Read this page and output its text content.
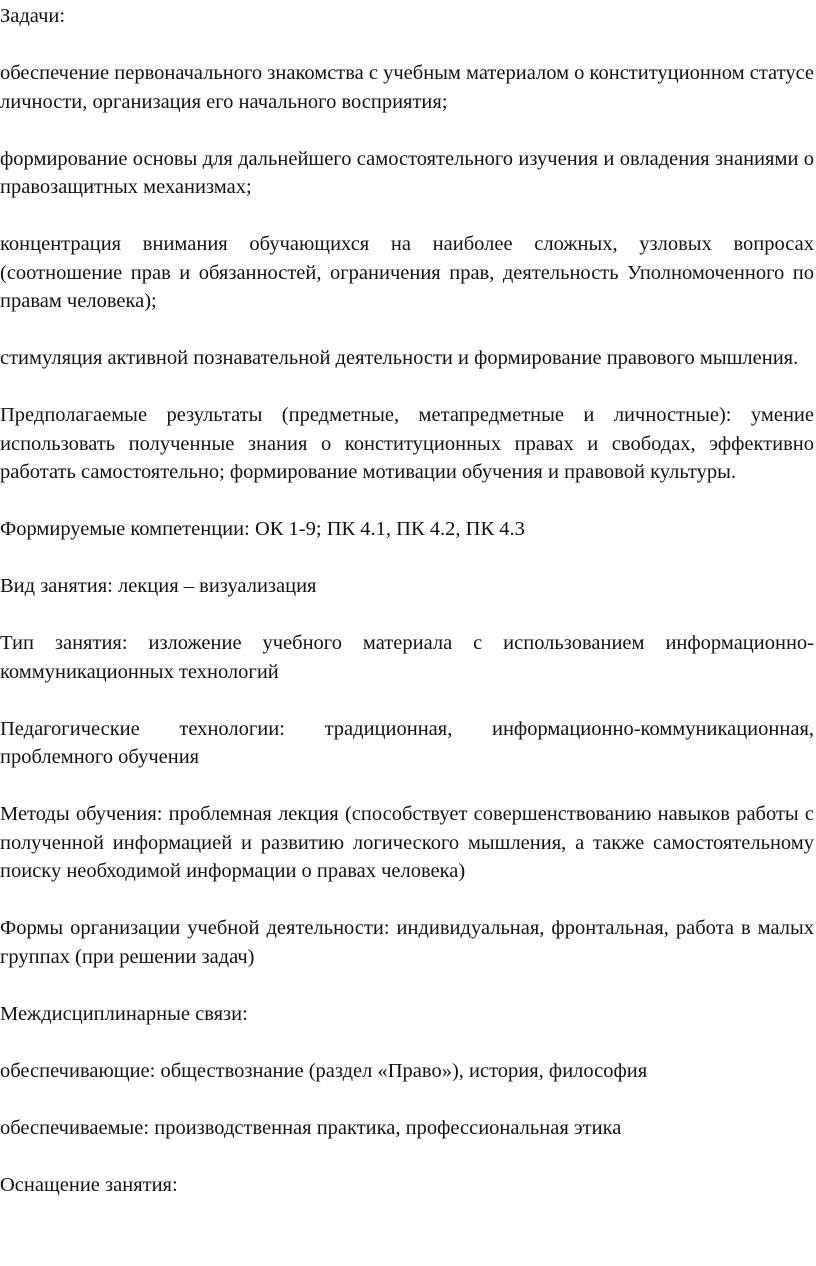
Задачи:

обеспечение первоначального знакомства с учебным материалом о конституционном статусе личности, организация его начального восприятия;

формирование основы для дальнейшего самостоятельного изучения и овладения знаниями о правозащитных механизмах;

концентрация внимания обучающихся на наиболее сложных, узловых вопросах (соотношение прав и обязанностей, ограничения прав, деятельность Уполномоченного по правам человека);

стимуляция активной познавательной деятельности и формирование правового мышления.

Предполагаемые результаты (предметные, метапредметные и личностные): умение использовать полученные знания о конституционных правах и свободах, эффективно работать самостоятельно; формирование мотивации обучения и правовой культуры.

Формируемые компетенции: ОК 1-9; ПК 4.1, ПК 4.2, ПК 4.3

Вид занятия: лекция – визуализация

Тип занятия: изложение учебного материала с использованием информационно-коммуникационных технологий

Педагогические технологии: традиционная, информационно-коммуникационная, проблемного обучения

Методы обучения: проблемная лекция (способствует совершенствованию навыков работы с полученной информацией и развитию логического мышления, а также самостоятельному поиску необходимой информации о правах человека)

Формы организации учебной деятельности: индивидуальная, фронтальная, работа в малых группах (при решении задач)

Междисциплинарные связи:

обеспечивающие: обществознание (раздел «Право»), история, философия

обеспечиваемые: производственная практика, профессиональная этика

Оснащение занятия:
